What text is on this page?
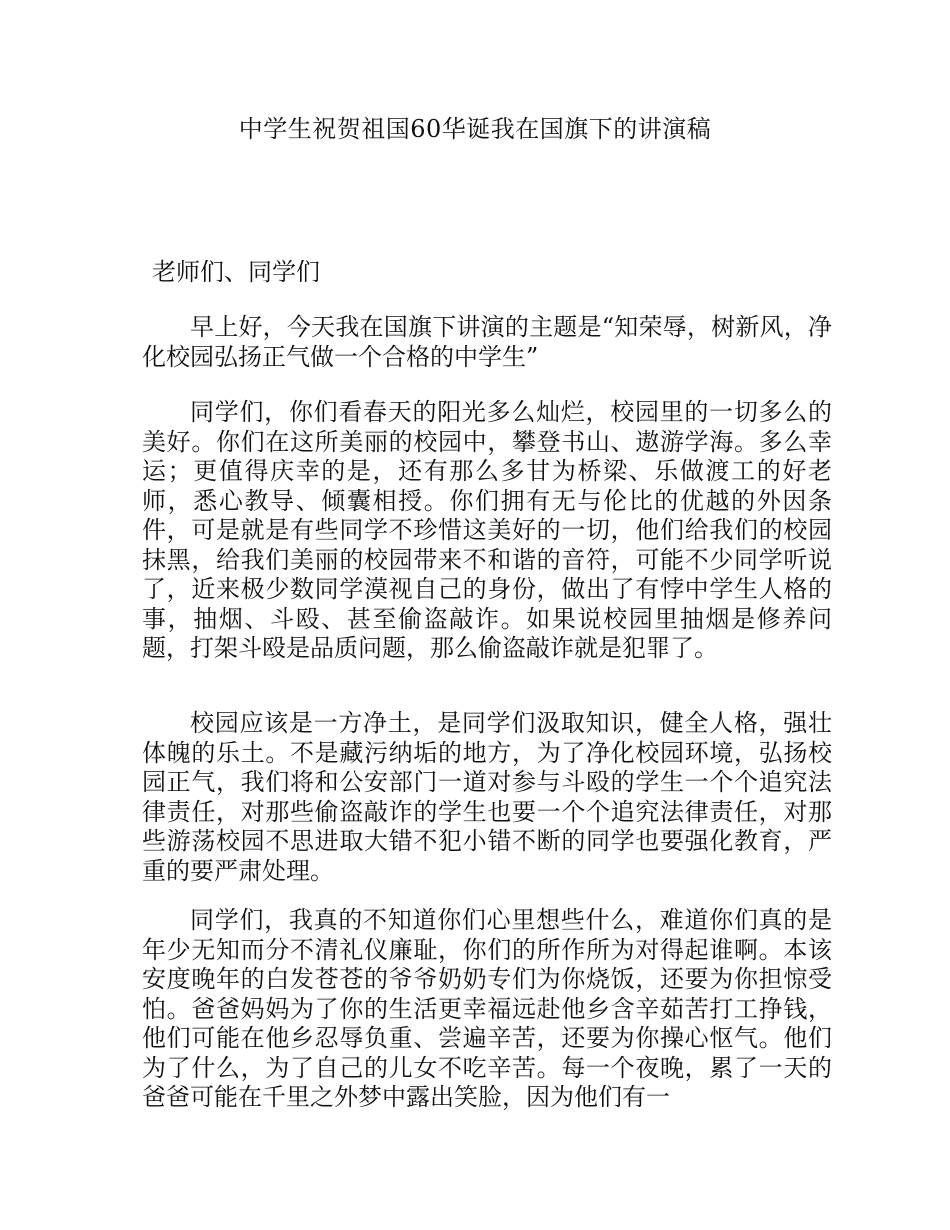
中学生祝贺祖国60华诞我在国旗下的讲演稿
老师们、同学们

早上好，今天我在国旗下讲演的主题是“知荣辱，树新风，净化校园弘扬正气做一个合格的中学生”

同学们，你们看春天的阳光多么灿烂，校园里的一切多么的美好。你们在这所美丽的校园中，攀登书山、遨游学海。多么幸运；更值得庆幸的是，还有那么多甘为桥梁、乐做渡工的好老师，悉心教导、倾囊相授。你们拥有无与伦比的优越的外因条件，可是就是有些同学不珍惜这美好的一切，他们给我们的校园抹黑，给我们美丽的校园带来不和谐的音符，可能不少同学听说了，近来极少数同学漠视自己的身份，做出了有悖中学生人格的事，抽烟、斗殴、甚至偷盗敲诈。如果说校园里抽烟是修养问题，打架斗殴是品质问题，那么偷盗敲诈就是犯罪了。

校园应该是一方净土，是同学们汲取知识，健全人格，强壮体魄的乐土。不是藏污纳垢的地方，为了净化校园环境，弘扬校园正气，我们将和公安部门一道对参与斗殴的学生一个个追究法律责任，对那些偷盗敲诈的学生也要一个个追究法律责任，对那些游荡校园不思进取大错不犯小错不断的同学也要强化教育，严重的要严肃处理。

同学们，我真的不知道你们心里想些什么，难道你们真的是年少无知而分不清礼仪廉耻，你们的所作所为对得起谁啊。本该安度晚年的白发苍苍的爷爷奶奶专们为你烧饭，还要为你担惊受怕。爸爸妈妈为了你的生活更幸福远赴他乡含辛茹苦打工挣钱，他们可能在他乡忍辱负重、尝遍辛苦，还要为你操心怄气。他们为了什么，为了自己的儿女不吃辛苦。每一个夜晚，累了一天的爸爸可能在千里之外梦中露出笑脸，因为他们有一
